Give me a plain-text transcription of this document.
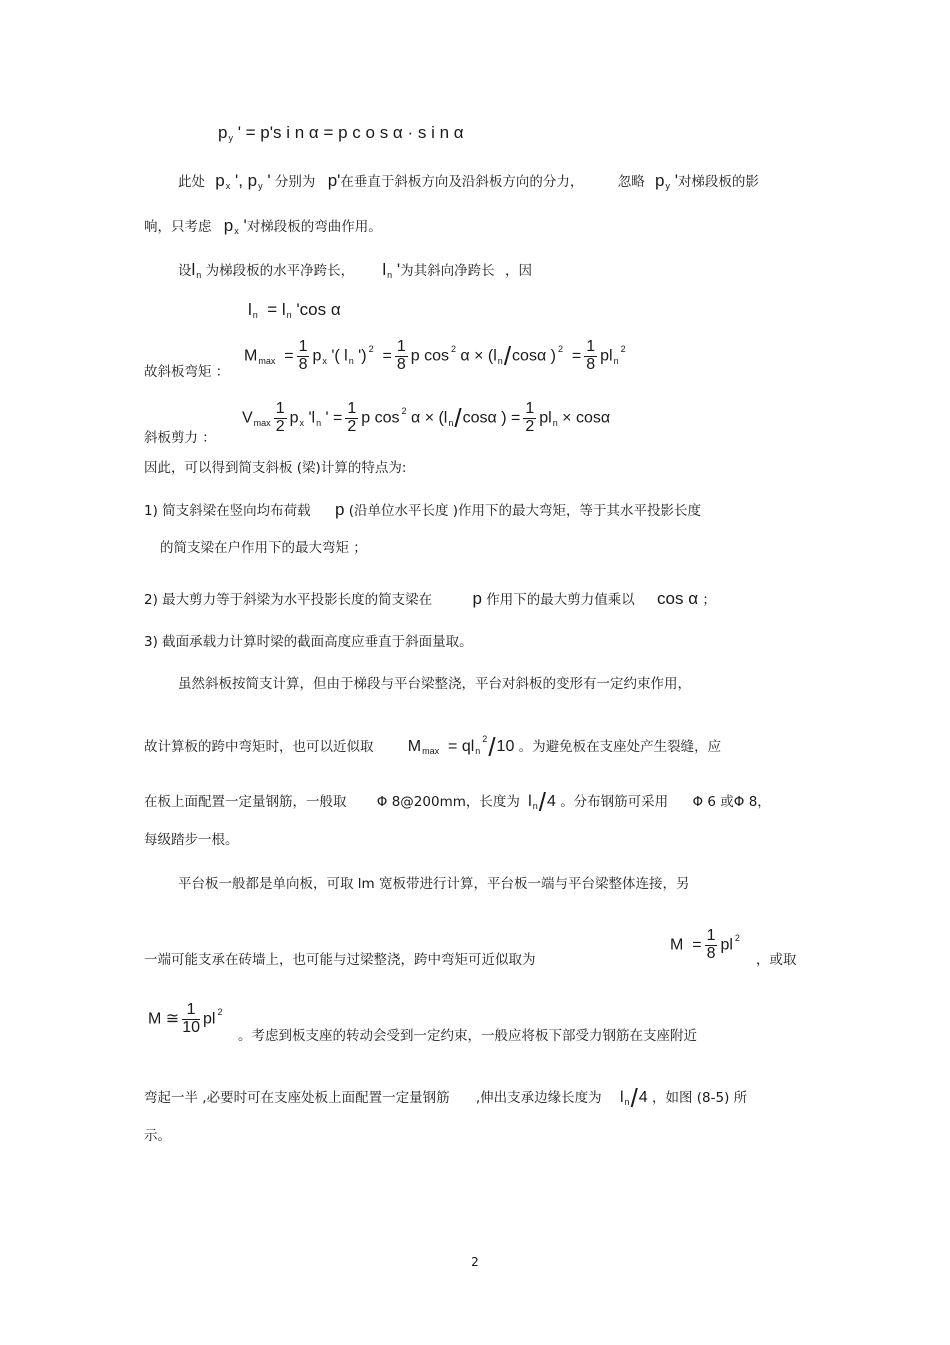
$p_y$ ' = p's i n α = p c o s α · s i n α
此处 $p_x$ ', $p_y$ ' 分别为 p'在垂直于斜板方向及沿斜板方向的分力，	忽略 $p_y$ '对梯段板的影
响，只考虑 $p_x$ '对梯段板的弯曲作用。
设$l_n$ 为梯段板的水平净跨长， $l_n$ '为其斜向净跨长 ，因
$l_n = l_n$ 'cos α
故斜板弯矩 ：
$M_{max} = \frac{1}{8} p_x$ '( $l_n$ ') $^2 = \frac{1}{8}$ p cos $^2$ $\alpha \times (l_n$/cosα ) $^2 = \frac{1}{8} pl_n^2$
斜板剪力 ：
$V_{max} \frac{1}{2} p_x$ '$l_n$ ' = $\frac{1}{2}$ p cos $^2$ $\alpha \times (l_n$/cosα ) = $\frac{1}{2} pl_n \times \cos\alpha$
因此，可以得到简支斜板 (梁)计算的特点为:
1) 简支斜梁在竖向均布荷载 p (沿单位水平长度 )作用下的最大弯矩，等于其水平投影长度
的简支梁在户作用下的最大弯矩 ；
2) 最大剪力等于斜梁为水平投影长度的简支梁在 p 作用下的最大剪力值乘以 cos α ；
3) 截面承载力计算时梁的截面高度应垂直于斜面量取。
虽然斜板按简支计算，但由于梯段与平台梁整浇，平台对斜板的变形有一定约束作用，
故计算板的跨中弯矩时，也可以近似取 $M_{max} = ql_n^2/10$ 。为避免板在支座处产生裂缝，应
在板上面配置一定量钢筋，一般取 Φ 8@200mm，长度为 $l_n/4$ 。分布钢筋可采用 Φ 6 或Φ 8，
每级踏步一根。
平台板一般都是单向板，可取 lm 宽板带进行计算，平台板一端与平台梁整体连接，另
一端可能支承在砖墙上，也可能与过梁整浇，跨中弯矩可近似取为
$M = \frac{1}{8}$ pl $^2$
，或取
M ≅ $\frac{1}{10}$ pl $^2$
。考虑到板支座的转动会受到一定约束，一般应将板下部受力钢筋在支座附近
弯起一半 ,必要时可在支座处板上面配置一定量钢筋 ,伸出支承边缘长度为 $l_n/4$ ，如图 (8-5) 所
示。
2
